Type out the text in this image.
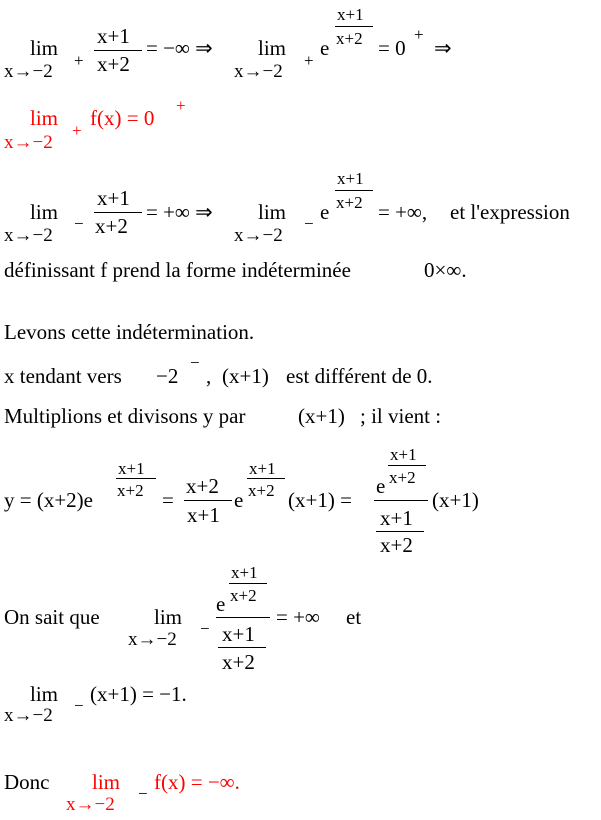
lim
x→−2
+
x+1
x+2
= −∞ ⇒ lim
x→−2
+
e
x+1
x+2 = 0
+
⇒
lim
x→−2
+
f(x) = 0
+
lim
x→−2
−
x+1
x+2
= +∞ ⇒ lim
x→−2
− e
x+1
x+2 = +∞, et l'expression
définissant f prend la forme indéterminée	0×∞.
Levons cette indétermination.
x tendant vers −2
−
, (x+1) est différent de 0.
Multiplions et divisons y par	(x+1) ; il vient :
y = (x+2)e
x+1
x+2 =
x+2
x+1
e
x+1
x+2 (x+1) =
e
x+1
x+2
x+1
x+2
(x+1)
On sait que	lim
x→−2
−
e
x+1
x+2
x+1
x+2
= +∞ et
lim
x→−2 − (x+1) = −1.
Donc lim
x→−2
− f(x) = −∞.
